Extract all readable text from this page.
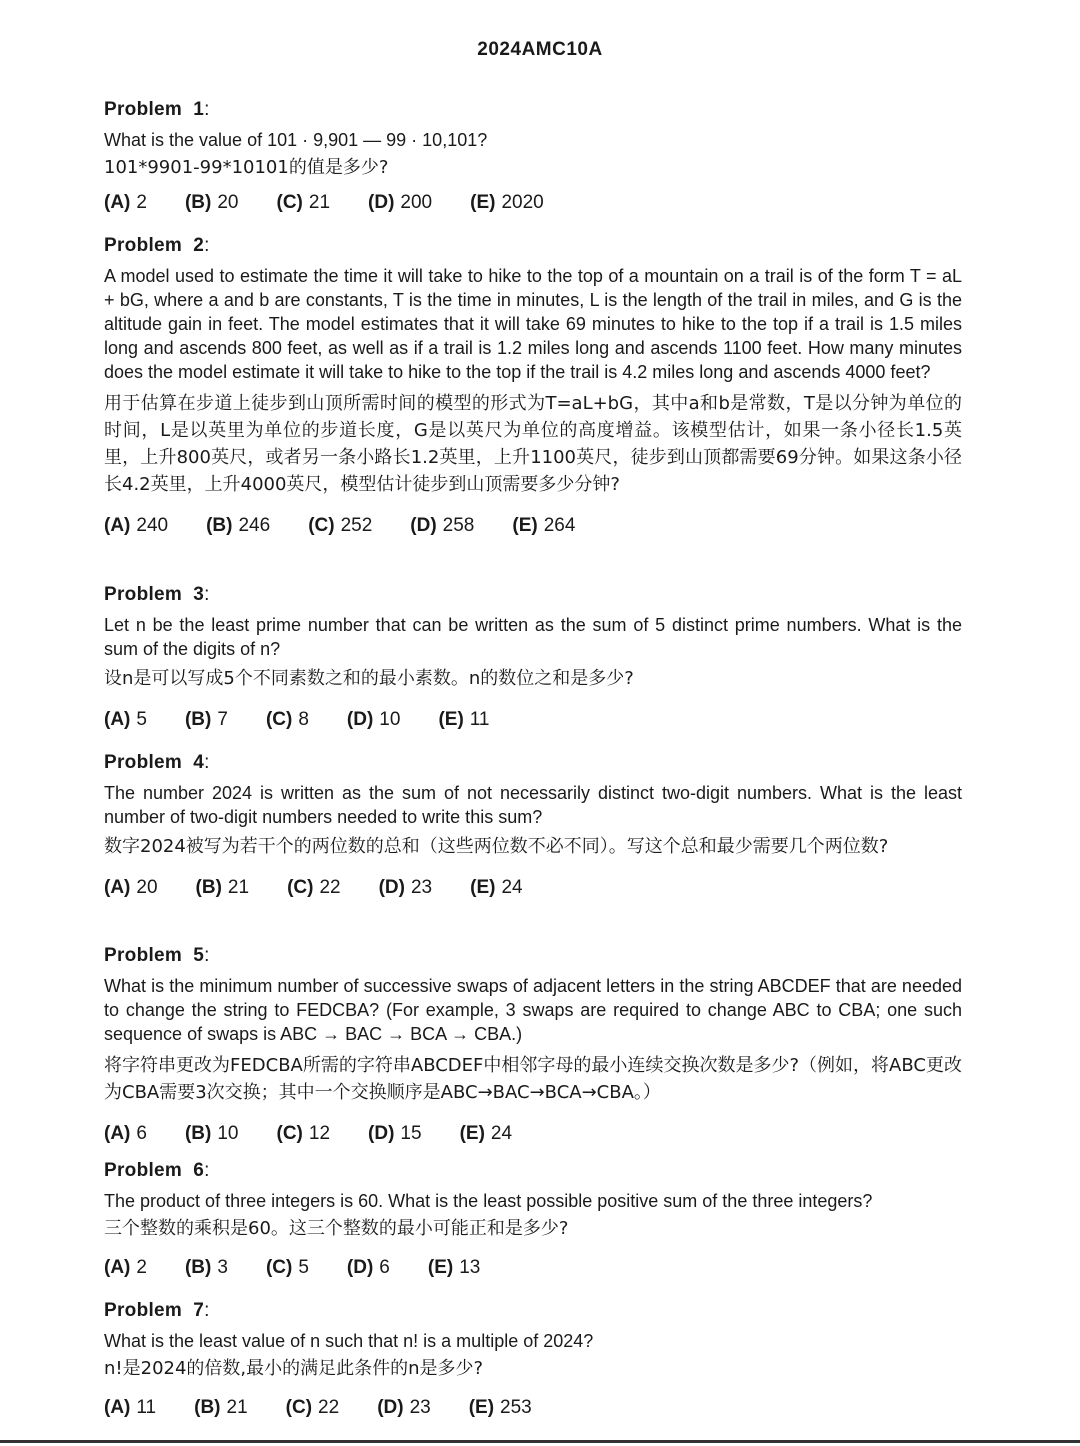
2024AMC10A
Problem 1:
What is the value of 101 · 9,901 — 99 · 10,101?
101*9901-99*10101的值是多少?
(A) 2 (B) 20 (C) 21 (D) 200 (E) 2020
Problem 2:
A model used to estimate the time it will take to hike to the top of a mountain on a trail is of the form T = aL + bG, where a and b are constants, T is the time in minutes, L is the length of the trail in miles, and G is the altitude gain in feet. The model estimates that it will take 69 minutes to hike to the top if a trail is 1.5 miles long and ascends 800 feet, as well as if a trail is 1.2 miles long and ascends 1100 feet. How many minutes does the model estimate it will take to hike to the top if the trail is 4.2 miles long and ascends 4000 feet?
用于估算在步道上徒步到山顶所需时间的模型的形式为T=aL+bG，其中a和b是常数，T是以分钟为单位的时间，L是以英里为单位的步道长度，G是以英尺为单位的高度增益。该模型估计，如果一条小径长1.5英里，上升800英尺，或者另一条小路长1.2英里，上升1100英尺，徒步到山顶都需要69分钟。如果这条小径长4.2英里，上升4000英尺，模型估计徒步到山顶需要多少分钟?
(A) 240 (B) 246 (C) 252 (D) 258 (E) 264
Problem 3:
Let n be the least prime number that can be written as the sum of 5 distinct prime numbers. What is the sum of the digits of n?
设n是可以写成5个不同素数之和的最小素数。n的数位之和是多少?
(A) 5 (B) 7 (C) 8 (D) 10 (E) 11
Problem 4:
The number 2024 is written as the sum of not necessarily distinct two-digit numbers. What is the least number of two-digit numbers needed to write this sum?
数字2024被写为若干个的两位数的总和（这些两位数不必不同）。写这个总和最少需要几个两位数?
(A) 20 (B) 21 (C) 22 (D) 23 (E) 24
Problem 5:
What is the minimum number of successive swaps of adjacent letters in the string ABCDEF that are needed to change the string to FEDCBA? (For example, 3 swaps are required to change ABC to CBA; one such sequence of swaps is ABC → BAC → BCA → CBA.)
将字符串更改为FEDCBA所需的字符串ABCDEF中相邻字母的最小连续交换次数是多少?（例如，将ABC更改为CBA需要3次交换；其中一个交换顺序是ABC→BAC→BCA→CBA。）
(A) 6 (B) 10 (C) 12 (D) 15 (E) 24
Problem 6:
The product of three integers is 60. What is the least possible positive sum of the three integers?
三个整数的乘积是60。这三个整数的最小可能正和是多少?
(A) 2 (B) 3 (C) 5 (D) 6 (E) 13
Problem 7:
What is the least value of n such that n! is a multiple of 2024?
n!是2024的倍数,最小的满足此条件的n是多少?
(A) 11 (B) 21 (C) 22 (D) 23 (E) 253
